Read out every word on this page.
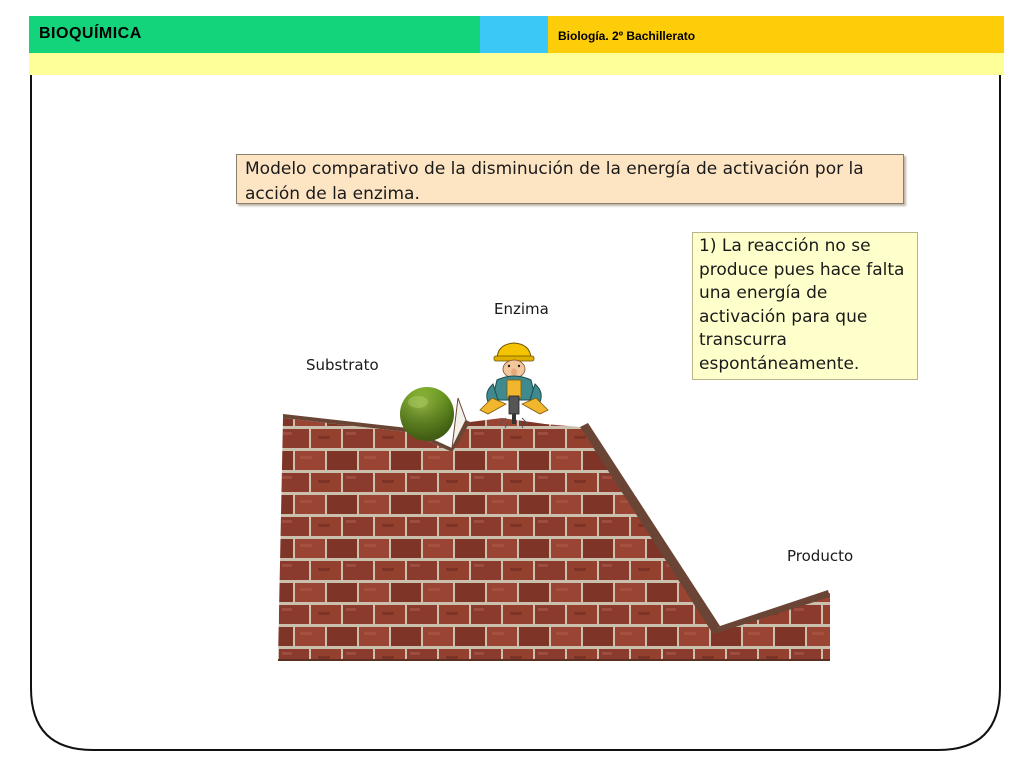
BIOQUÍMICA	Biología. 2º Bachillerato
Substrato
Enzima
Producto
Modelo comparativo de la disminución de la energía de activación por la acción de la enzima.
1) La reacción no se produce pues hace falta una energía de activación para que transcurra espontáneamente.
